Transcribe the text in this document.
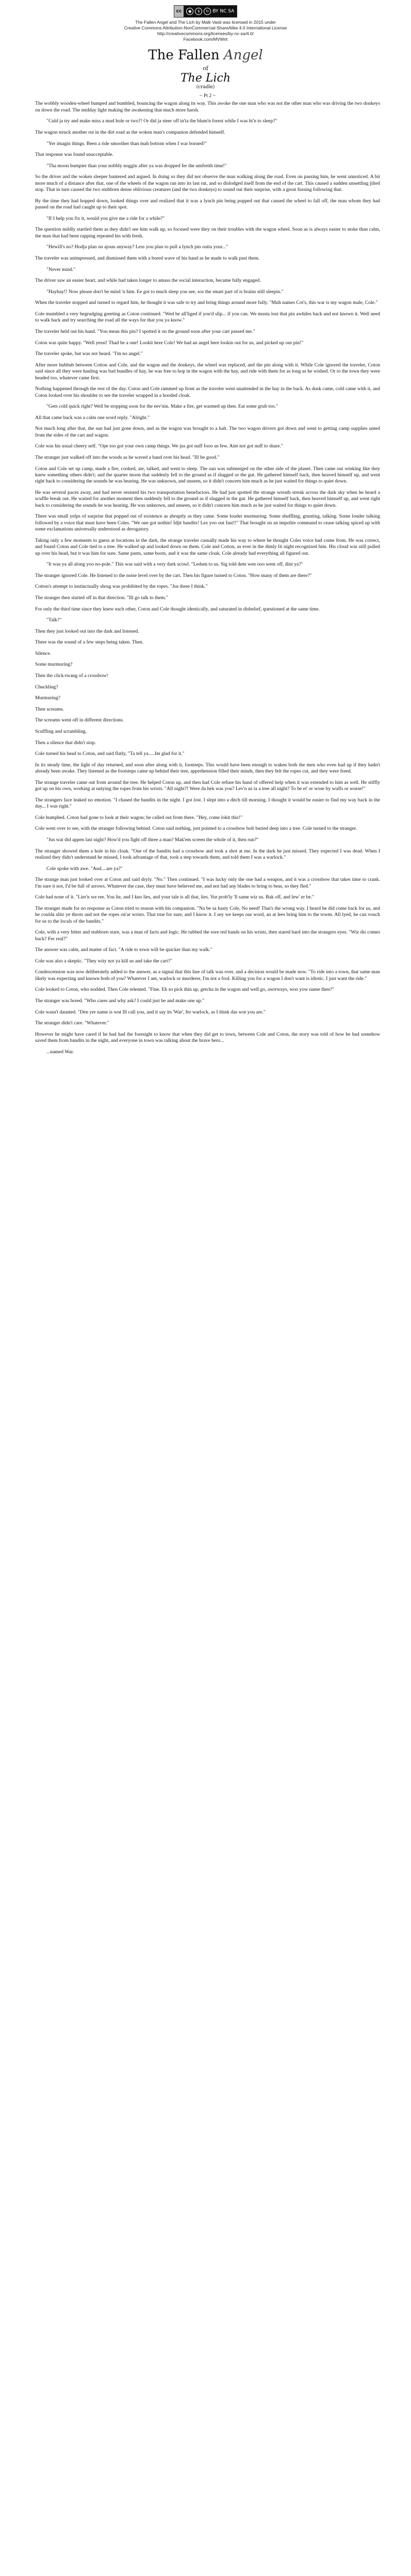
cc	●	$	↻ BY NC SA
The Fallen Angel and The Lich by Malk Vasti was licensed in 2015 under
Creative Commons Attribution-NonCommercial-ShareAlike 4.0 International License
http://creativecommons.org/licenses/by-nc-sa/4.0/
Facebook.com/MVWrit
The Fallen Angel
of
The Lich
(cradle)

~ Pt 2 ~

The wobbly wooden-wheel bumped and bumbled, bouncing the wagon along its way. This awoke the one man who was not the other man who was driving the two donkeys on down the road. The midday light making the awakening that much more harsh.

"Culd ja try and make miss a mud hole or two?! Or did ja steer off in'ta the blum'n forest while I was hi'n to sleep?"

The wagon struck another rut in the dirt road as the woken man's companion defended himself.

"Yer imagin things. Been a ride smoother than mah bottom when I war borned!"

That response was found unacceptable.

"Tha moon bumpier than your nobbly noggin after ya was dropped fer the umfretth time!"

So the driver and the woken sleeper bantered and argued. In doing so they did not observe the man walking along the road. Even on passing him, he went unnoticed. A bit more much of a distance after that, one of the wheels of the wagon ran into its last rut, and so dislodged itself from the end of the cart. This caused a sudden unsettling jilted stop. That in turn caused the two stubborn dense oblivious creatures (and the two donkeys) to sound out their surprise, with a great fussing following that.

By the time they had hopped down, looked things over and realized that it was a lynch pin being popped out that caused the wheel to fall off, the man whom they had passed on the road had caught up to their spot.

"If I help you fix it, would you give me a ride for a while?"

The question mildly startled them as they didn't see him walk up, so focused were they on their troubles with the wagon wheel. Soon as is always easier to stoke than calm, the man that had been rapping repeated his with fresh.

"Hewill's no? Hodja plan on ajoun anyway? Less you plan to pull a lynch pin outta your..."

The traveler was unimpressed, and dismissed them with a bored wave of his hand as he made to walk past them.

"Never mind."

The driver saw an easier heart, and while had taken longer to amass the social interaction, became fully engaged.

"Hayhay!! Now please don't be mind 'n him. Ee got to much sleep you see, sos the smart part of is brains still sleepin."

When the traveler stopped and turned to regard him, he thought it was safe to try and bring things around more fully. "Muh names Cot's, this war is my wagon male, Cole."

Cole mumbled a very begrudging greeting as Coton continued. "Wed be all'liged if you'd slip... if you can. We musta lost that pin awhiles back and not known it. Well need to walk back and try searching the road all the ways for that you ya know."

The traveler held out his hand. "You mean this pin? I spotted it on the ground soon after your cart passed me."

Coton was quite happy. "Well yessi! Thad be a one! Lookit here Cole! We had an angel here lookin out for us, and picked up our pin!"

The traveler spoke, but was not heard. "I'm no angel."

After more hubbub between Cotton and Cole, and the wagon and the donkeys, the wheel was replaced, and the pin along with it. While Cole ignored the traveler, Coton said since all they were hauling was bad bundles of hay, he was free to hop in the wagon with the hay, and ride with them for as long as he wished. Or to the town they were headed too, whatever came first.

Nothing happened through the rest of the day. Coton and Cole rammed up front as the traveler went unattended in the hay in the back. As dusk came, cold came with it, and Coton looked over his shoulder to see the traveler wrapped in a hooded cloak.

"Gets cold quick right? Well be stopping soon for the eev'nin. Make a fire, get warmed up then. Eat some grub too."

All that came back was a calm one word reply. "Alright."

Not much long after that, the sun had just gone down, and as the wagon was brought to a halt. The two wagon drivers got down and went to getting camp supplies unted from the sides of the cart and wagon.

Cole was his usual cheery self. "Ope too got your own camp things. We jus got nuff fooo us few. Aint not got nuff to share."

The stranger just walked off into the woods as he waved a hand over his head. "Ill be good."

Coton and Cole set up camp, made a fire, cooked, ate, talked, and went to sleep. The sun was submerged on the other side of the planet. Then came out winking like they knew something others didn't; and the quarter moon that suddenly fell to the ground as if slugged or the gut. He gathered himself back, then heaved himself up, and went right back to considering the sounds he was hearing. He was unknown, and unseen, so it didn't concern him much as he just waited for things to quiet down.

He was several paces away, and had never resisted his two transportation benefactors. He had just spotted the strange wreath streak across the dark sky when he heard a scuffle break out. He waited for another moment then suddenly fell to the ground as if slugged in the gut. He gathered himself back, then heaved himself up, and went right back to considering the sounds he was hearing. He was unknown, and unseen, so it didn't concern him much as he just waited for things to quiet down.

There was small yelps of surprise that popped out of existence as abruptly as they came. Some louder murmuring. Some shuffling, grunting, talking. Some louder talking followed by a voice that must have been Coles. "We one got nothin! Idjit bandits! Lez yoo out fast!!" That brought on an impolite command to cease talking spiced up with some exclamations universally understood as derogatory.

Taking only a few moments to guess at locations in the dark, the strange traveler casually made his way to where he thought Coles voice had come from. He was correct, and found Coton and Cole tied to a tree. He walked up and looked down on them. Cole and Cotton, as ever in the dimly lit night recognized him. His cloud was still pulled up over his head, but it was him for sure. Same pants, same boots, and it was the same cloak. Cole already had everything all figured out.

"It was ya all along yoo no-pole." This was said with a very dark scowl. "Ledum to us. Sig told dem wen ooo went off, dint ya?"

The stranger ignored Cole. He listened to the noise level over by the cart. Then his figure turned to Coton. "How many of them are there?"

Cotton's attempt to instinctually shrug was prohibited by the ropes. "Jus three I think."

The stranger then started off in that direction. "Ill go talk to them."

For only the third time since they knew each other, Coton and Cole thought identically, and saturated in disbelief, questioned at the same time.

"Talk?"

Then they just looked out into the dark and listened.

There was the sound of a few steps being taken. Then.

Silence.

Some murmuring?

Then the click-twang of a crossbow!

Chuckling?

Murmuring?

Then screams.

The screams went off in different directions.

Scuffling and scrambling.

Then a silence that didn't stop.

Cole turned his head to Coton, and said flatly, "Ta tell ya.....Im glad for it."

In its steady time, the light of day returned, and soon after along with it, footsteps. This would have been enough to waken both the men who even had up if they hadn't already been awake. They listened as the footsteps came up behind their tree, apprehension filled their minds, then they felt the ropes cut, and they were freed.

The strange traveler came out from around the tree. He helped Coton up, and then had Cole refuse his hand of offered help when it was extended to him as well. He stiffly got up on his own, working at untying the ropes from his wrists. "All night?! Were da hek was you? Lev'n us ta a tree all night? To be et' or wose by wulfs or worse!"

The strangers face leaked no emotion. "I chased the bandits in the night. I got lost. I slept into a ditch till morning. I thought it would be easier to find my way back in the day... I was right."

Cole humphed. Coton had gone to look at their wagon; he called out from there. "Hey, come lokit this!"

Cole went over to see, with the stranger following behind. Coton said nothing, just pointed to a crossbow bolt buried deep into a tree. Cole turned to the stranger.

"Jus wat did appen last night? How'd you fight off three a man? Mak'em screen the whole of it, then run?"

The stranger showed them a hole in his cloak. "One of the bandits had a crossbow and took a shot at me. In the dark he just missed. They expected I was dead. When I realized they didn't understand he missed, I took advantage of that, took a step towards them, and told them I was a warlock."

Cole spoke with awe. "And....are ya?"

The strange man just looked over at Coton and said dryly. "No." Then continued. "I was lucky only the one had a weapon, and it was a crossbow that takes time to crank. I'm sure it not, I'd be full of arrows. Whatever the case, they must have believed me, and not had any blades to bring to bear, so they fled."

Cole had none of it. "Lier'n we ree. You lie, and I kno lies, and your tale is all that, lies. Yur prob'ly 'll same wiz us. Bak off, and lew' er be."

The stranger made for no response as Coton tried to reason with his companion. "Na be sa hasty Cole, No need! That's the wrong way. I heard he did come back for us, and he coulda slitz ye throts and not the ropes on'ar wrists. That true for sure, and I know it. I sey we keeps our word, an at lees bring him to the towm. All lyed, he can vouch for us to the locals of the bandits."

Cole, with a very bitter and stubborn stare, was a man of facts and logic. He rubbed the sore red bands on his wrists, then stared hard into the strangers eyes. "Wiz dis comes back? Fer real?"

The answer was calm, and matter of fact. "A ride to town will be quicker than my walk."

Cole was also a skeptic. "They wity not ya kill us and take the cart?"

Condescension was now deliberately added to the answer, as a signal that this line of talk was over, and a decision would be made now. "To ride into a town, that same man likely was expecting and known both of you? Whatever I am, warlock or murderer, I'm not a fool. Killing you for a wagon I don't want is idiotic. I just want the ride."

Cole looked to Coton, who nodded. Then Cole relented. "Fine. Eh so pick thin up, getcha in the wagon and well go, awrrways, woo yow name then?"

The stranger was bored. "Who cares and why ask? I could just be and make one up."

Cole wasn't daunted. "Den yer name is wut Ill call you, and it say its 'War', fer warlock, as I think das wut you are."

The stranger didn't care. "Whatever."

However he might have cared if he had had the foresight to know that when they did get to town, between Cole and Coton, the story was told of how he had somehow saved them from bandits in the night, and everyone in town was talking about the brave hero...

...named War.
